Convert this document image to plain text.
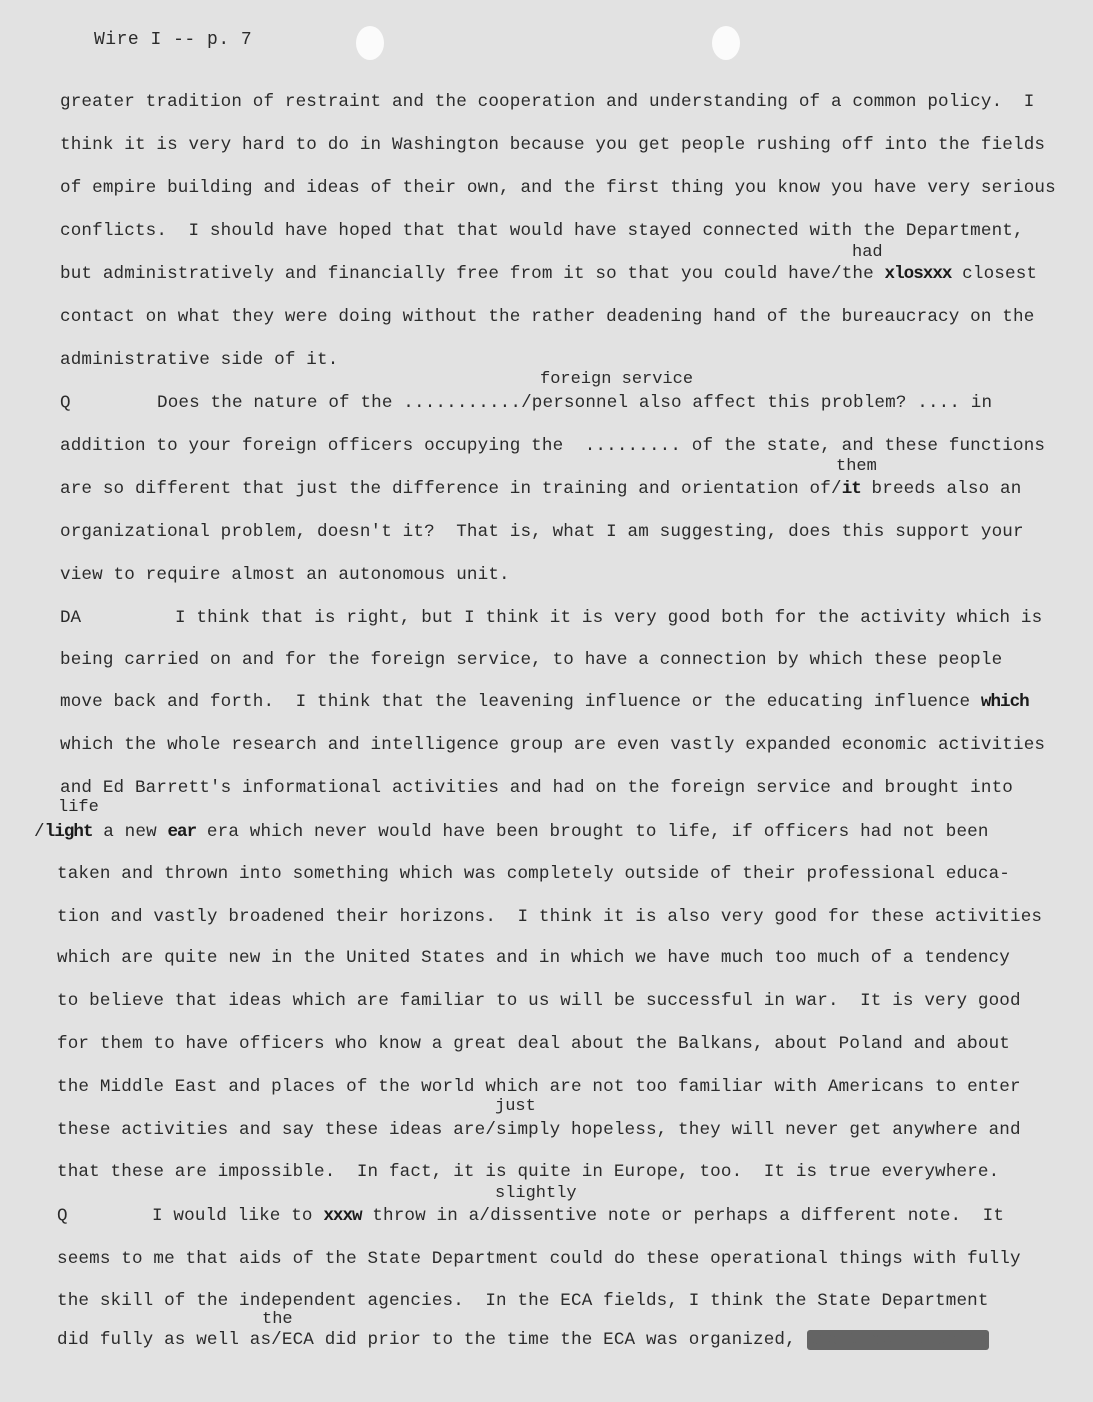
Wire I -- p. 7
greater tradition of restraint and the cooperation and understanding of a common policy.  I
think it is very hard to do in Washington because you get people rushing off into the fields
of empire building and ideas of their own, and the first thing you know you have very serious
conflicts.  I should have hoped that that would have stayed connected with the Department,
had
but administratively and financially free from it so that you could have/the xlosxxx closest
contact on what they were doing without the rather deadening hand of the bureaucracy on the
administrative side of it.
foreign service
Q	Does the nature of the .........../personnel also affect this problem? .... in
addition to your foreign officers occupying the  ......... of the state, and these functions
them
are so different that just the difference in training and orientation of/it breeds also an
organizational problem, doesn't it?  That is, what I am suggesting, does this support your
view to require almost an autonomous unit.
DA	I think that is right, but I think it is very good both for the activity which is
being carried on and for the foreign service, to have a connection by which these people
move back and forth.  I think that the leavening influence or the educating influence which
which the whole research and intelligence group are even vastly expanded economic activities
and Ed Barrett's informational activities and had on the foreign service and brought into
life
/light a new ear era which never would have been brought to life, if officers had not been
taken and thrown into something which was completely outside of their professional educa-
tion and vastly broadened their horizons.  I think it is also very good for these activities
which are quite new in the United States and in which we have much too much of a tendency
to believe that ideas which are familiar to us will be successful in war.  It is very good
for them to have officers who know a great deal about the Balkans, about Poland and about
the Middle East and places of the world which are not too familiar with Americans to enter
just
these activities and say these ideas are/simply hopeless, they will never get anywhere and
that these are impossible.  In fact, it is quite in Europe, too.  It is true everywhere.
slightly
Q	I would like to xxxw throw in a/dissentive note or perhaps a different note.  It
seems to me that aids of the State Department could do these operational things with fully
the skill of the independent agencies.  In the ECA fields, I think the State Department
the
did fully as well as/ECA did prior to the time the ECA was organized, and I don't think
